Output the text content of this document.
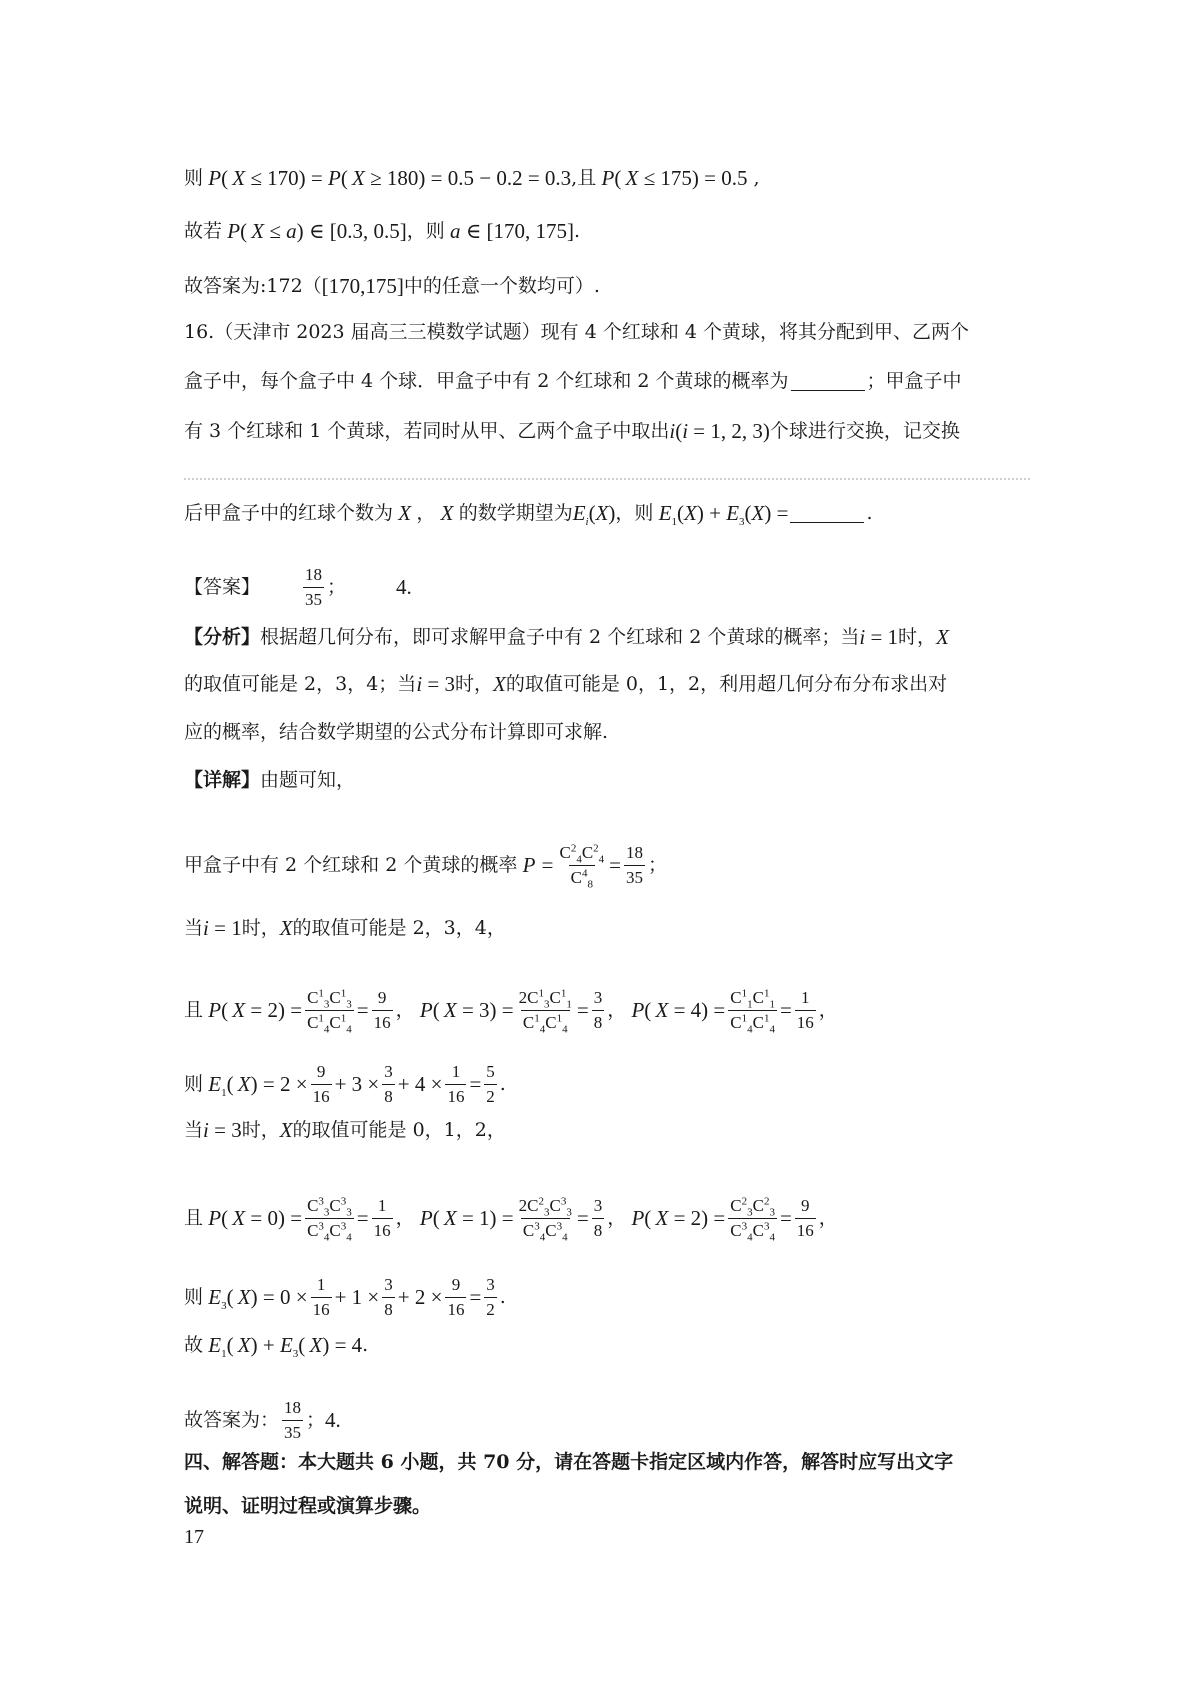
则 P( X ≤ 170) = P( X ≥ 180) = 0.5 − 0.2 = 0.3 , 且 P( X ≤ 175) = 0.5 ,
故若 P( X ≤ a) ∈ [0.3, 0.5] ， 则 a ∈ [170, 175] .
故答案为:172（ [170,175] 中的任意一个数均可）.
16. （天津市 2023 届高三三模数学试题） 现有 4 个红球和 4 个黄球，将其分配到甲、乙两个
盒子中，每个盒子中 4 个球．甲盒子中有 2 个红球和 2 个黄球的概率为	；甲盒子中
有 3 个红球和 1 个黄球，若同时从甲、乙两个盒子中取出 i(i = 1, 2, 3) 个球进行交换，记交换
后甲盒子中的红球个数为 X ， X 的数学期望为 $E_i(X)$ ，则 $E_1(X) + E_3(X)$ =	.
【答案】	$\frac{18}{35}$ ； 4.
【分析】 根据超几何分布，即可求解甲盒子中有 2 个红球和 2 个黄球的概率；当 i = 1 时， X
的取值可能是 2，3，4；当 i = 3 时， X 的取值可能是 0，1，2，利用超几何分布分布求出对
应的概率，结合数学期望的公式分布计算即可求解.
【详解】 由题可知，
甲盒子中有 2 个红球和 2 个黄球的概率 $P = \frac{C^2_4C^2_4}{C^4_8} = \frac{18}{35}$ ；
当 i = 1 时， X 的取值可能是 2，3，4，
且 P( $X = 2) = \frac{C^1_3C^1_3}{C^1_4C^1_4} = \frac{9}{16}$ ， P( $X = 3) = \frac{2C^1_3C^1_1}{C^1_4C^1_4} = \frac{3}{8}$ ， P( $X = 4) = \frac{C^1_1C^1_1}{C^1_4C^1_4} = \frac{1}{16}$ ，
则 $E_1$( $X) = 2 \times \frac{9}{16} + 3 \times \frac{3}{8} + 4 \times \frac{1}{16} = \frac{5}{2}$ .
当 i = 3 时， X 的取值可能是 0，1，2，
且 P( $X = 0) = \frac{C^3_3C^3_3}{C^3_4C^3_4} = \frac{1}{16}$ ， P( $X = 1) = \frac{2C^2_3C^3_3}{C^3_4C^3_4} = \frac{3}{8}$ ， P( $X = 2) = \frac{C^2_3C^2_3}{C^3_4C^3_4} = \frac{9}{16}$ ，
则 $E_3$( $X) = 0 \times \frac{1}{16} + 1 \times \frac{3}{8} + 2 \times \frac{9}{16} = \frac{3}{2}$ .
故 $E_1$( $X) + E_3$( X) = 4 .
故答案为： $\frac{18}{35}$ ； 4.
四、解答题：本大题共 6 小题，共 70 分，请在答题卡指定区域内作答，解答时应写出文字
说明、证明过程或演算步骤。
17
